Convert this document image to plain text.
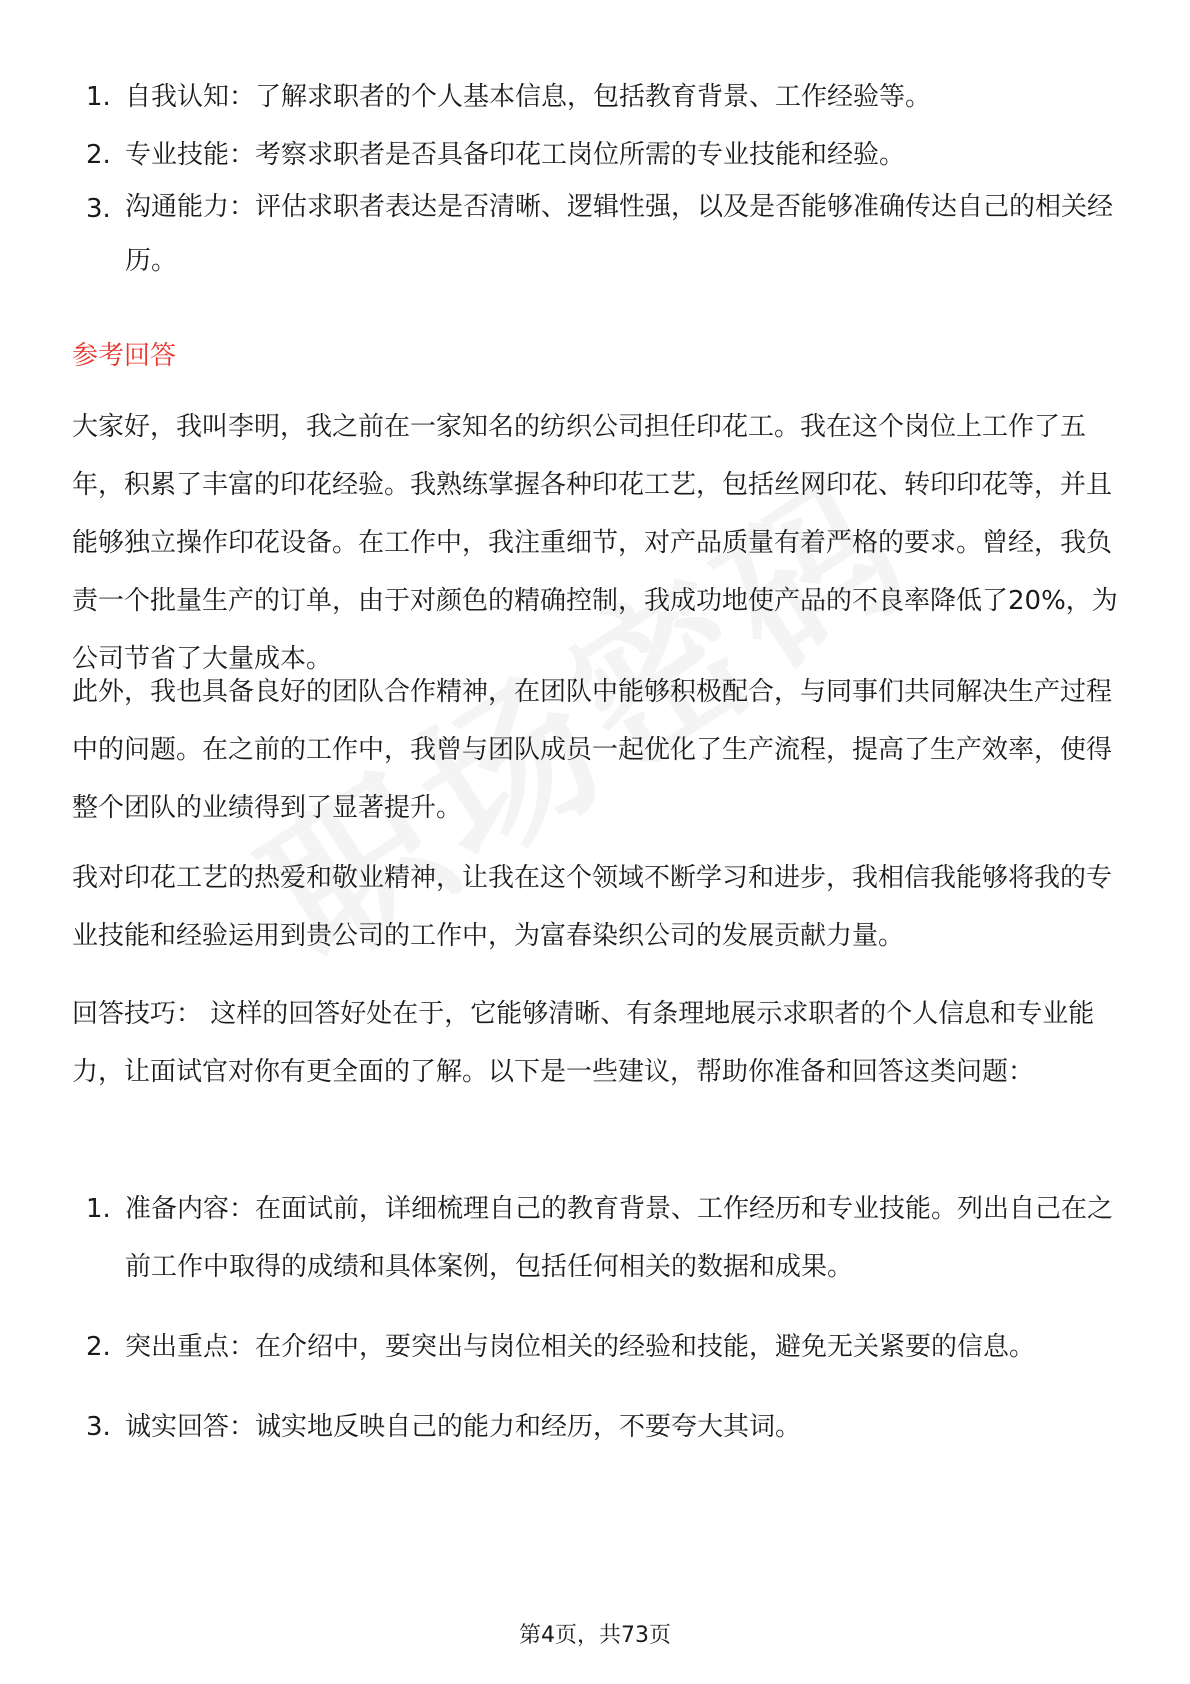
1. 自我认知：了解求职者的个人基本信息，包括教育背景、工作经验等。
2. 专业技能：考察求职者是否具备印花工岗位所需的专业技能和经验。
3. 沟通能力：评估求职者表达是否清晰、逻辑性强，以及是否能够准确传达自己的相关经历。
参考回答

大家好，我叫李明，我之前在一家知名的纺织公司担任印花工。我在这个岗位上工作了五年，积累了丰富的印花经验。我熟练掌握各种印花工艺，包括丝网印花、转印印花等，并且能够独立操作印花设备。在工作中，我注重细节，对产品质量有着严格的要求。曾经，我负责一个批量生产的订单，由于对颜色的精确控制，我成功地使产品的不良率降低了20%，为公司节省了大量成本。

此外，我也具备良好的团队合作精神，在团队中能够积极配合，与同事们共同解决生产过程中的问题。在之前的工作中，我曾与团队成员一起优化了生产流程，提高了生产效率，使得整个团队的业绩得到了显著提升。

我对印花工艺的热爱和敬业精神，让我在这个领域不断学习和进步，我相信我能够将我的专业技能和经验运用到贵公司的工作中，为富春染织公司的发展贡献力量。

回答技巧： 这样的回答好处在于，它能够清晰、有条理地展示求职者的个人信息和专业能力，让面试官对你有更全面的了解。以下是一些建议，帮助你准备和回答这类问题：

1. 准备内容：在面试前，详细梳理自己的教育背景、工作经历和专业技能。列出自己在之前工作中取得的成绩和具体案例，包括任何相关的数据和成果。
2. 突出重点：在介绍中，要突出与岗位相关的经验和技能，避免无关紧要的信息。
3. 诚实回答：诚实地反映自己的能力和经历，不要夸大其词。
第4页，共73页
